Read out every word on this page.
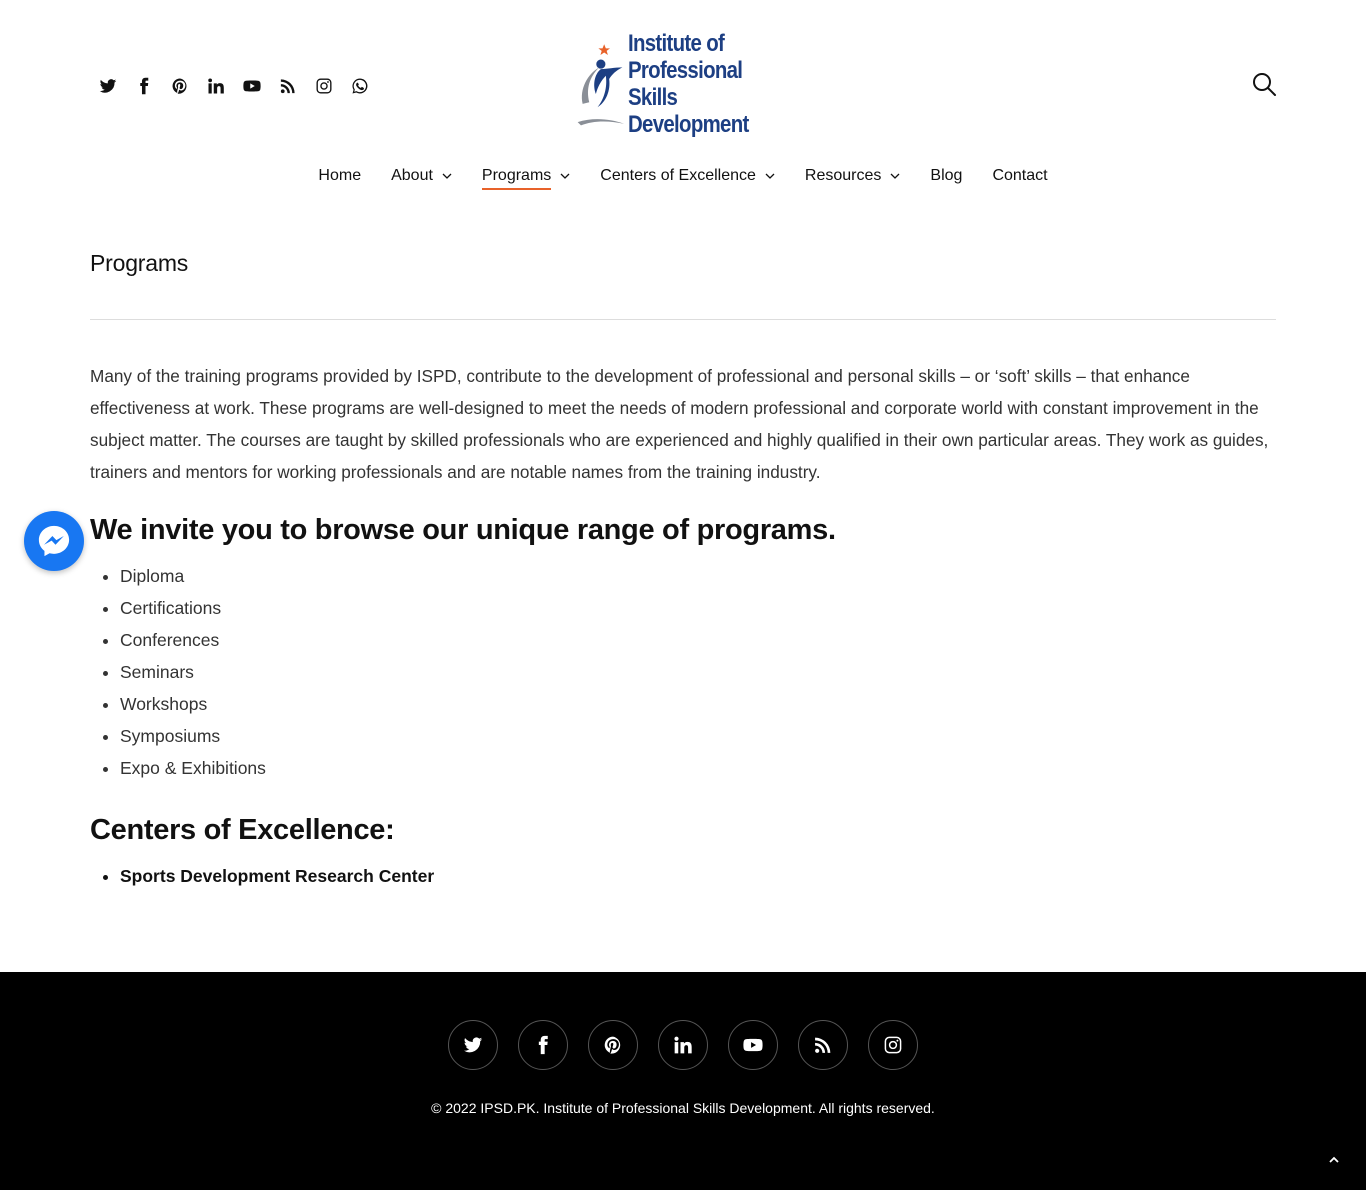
Institute of
Professional Skills
Development
Home About	Programs	Centers of Excellence	Resources	Blog Contact
Programs

Many of the training programs provided by ISPD, contribute to the development of professional and personal skills – or ‘soft’ skills – that enhance effectiveness at work. These programs are well-designed to meet the needs of modern professional and corporate world with constant improvement in the subject matter. The courses are taught by skilled professionals who are experienced and highly qualified in their own particular areas. They work as guides, trainers and mentors for working professionals and are notable names from the training industry.

We invite you to browse our unique range of programs.
• Diploma
• Certifications
• Conferences
• Seminars
• Workshops
• Symposiums
• Expo & Exhibitions
Centers of Excellence:
• Sports Development Research Center
© 2022 IPSD.PK. Institute of Professional Skills Development. All rights reserved.
